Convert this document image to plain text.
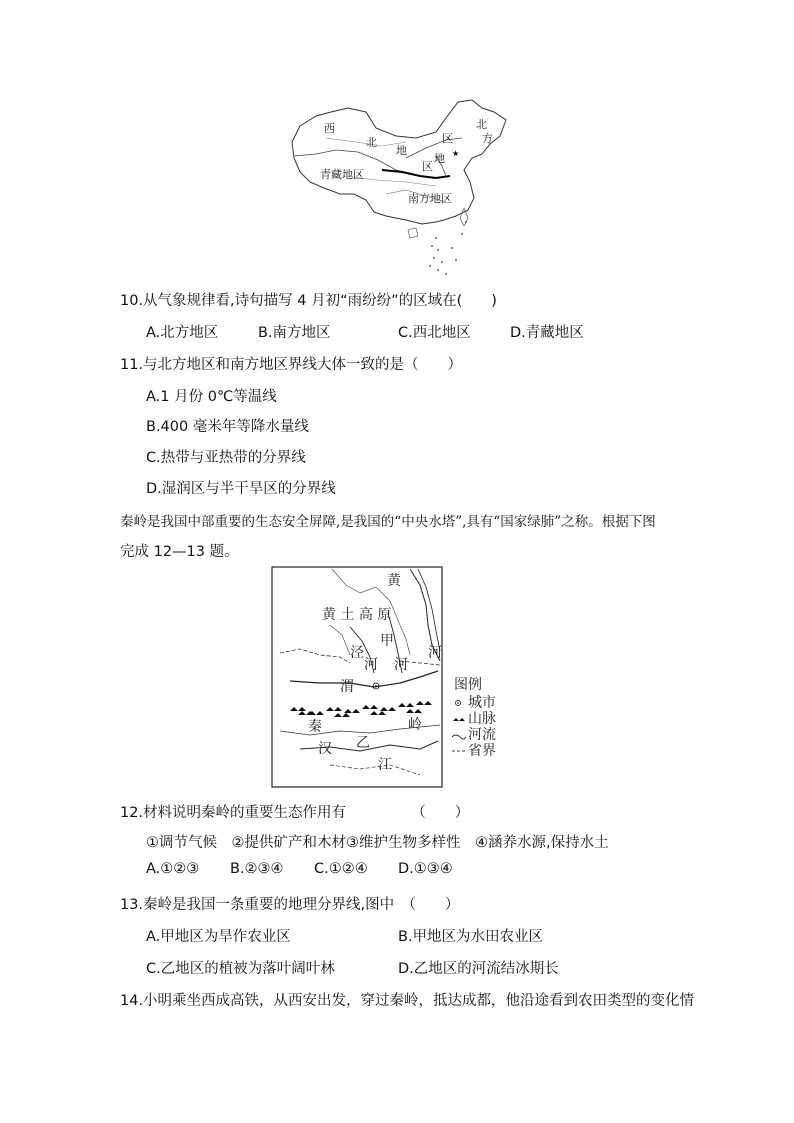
★
西
北
地
区
北
方
区
地
青藏地区
南方地区
10.从气象规律看,诗句描写 4 月初“雨纷纷”的区域在(　　)
A.北方地区	B.南方地区	C.西北地区	D.青藏地区
11.与北方地区和南方地区界线大体一致的是（　　）
A.1 月份 0℃等温线
B.400 毫米年等降水量线
C.热带与亚热带的分界线
D.湿润区与半干旱区的分界线
秦岭是我国中部重要的生态安全屏障,是我国的“中央水塔”,具有“国家绿肺”之称。根据下图
完成 12—13 题。
黄
黄 土 高 原
甲
泾
河 河
河
渭
秦	岭
乙
汉
江
图例
城市
山脉
河流
省界
12.材料说明秦岭的重要生态作用有　　　　　（　　）
①调节气候　②提供矿产和木材③维护生物多样性　④涵养水源,保持水土
A.①②③ B.②③④ C.①②④ D.①③④
13.秦岭是我国一条重要的地理分界线,图中　（　　）
A.甲地区为旱作农业区	B.甲地区为水田农业区
C.乙地区的植被为落叶阔叶林	D.乙地区的河流结冰期长
14.小明乘坐西成高铁，从西安出发，穿过秦岭，抵达成都，他沿途看到农田类型的变化情
